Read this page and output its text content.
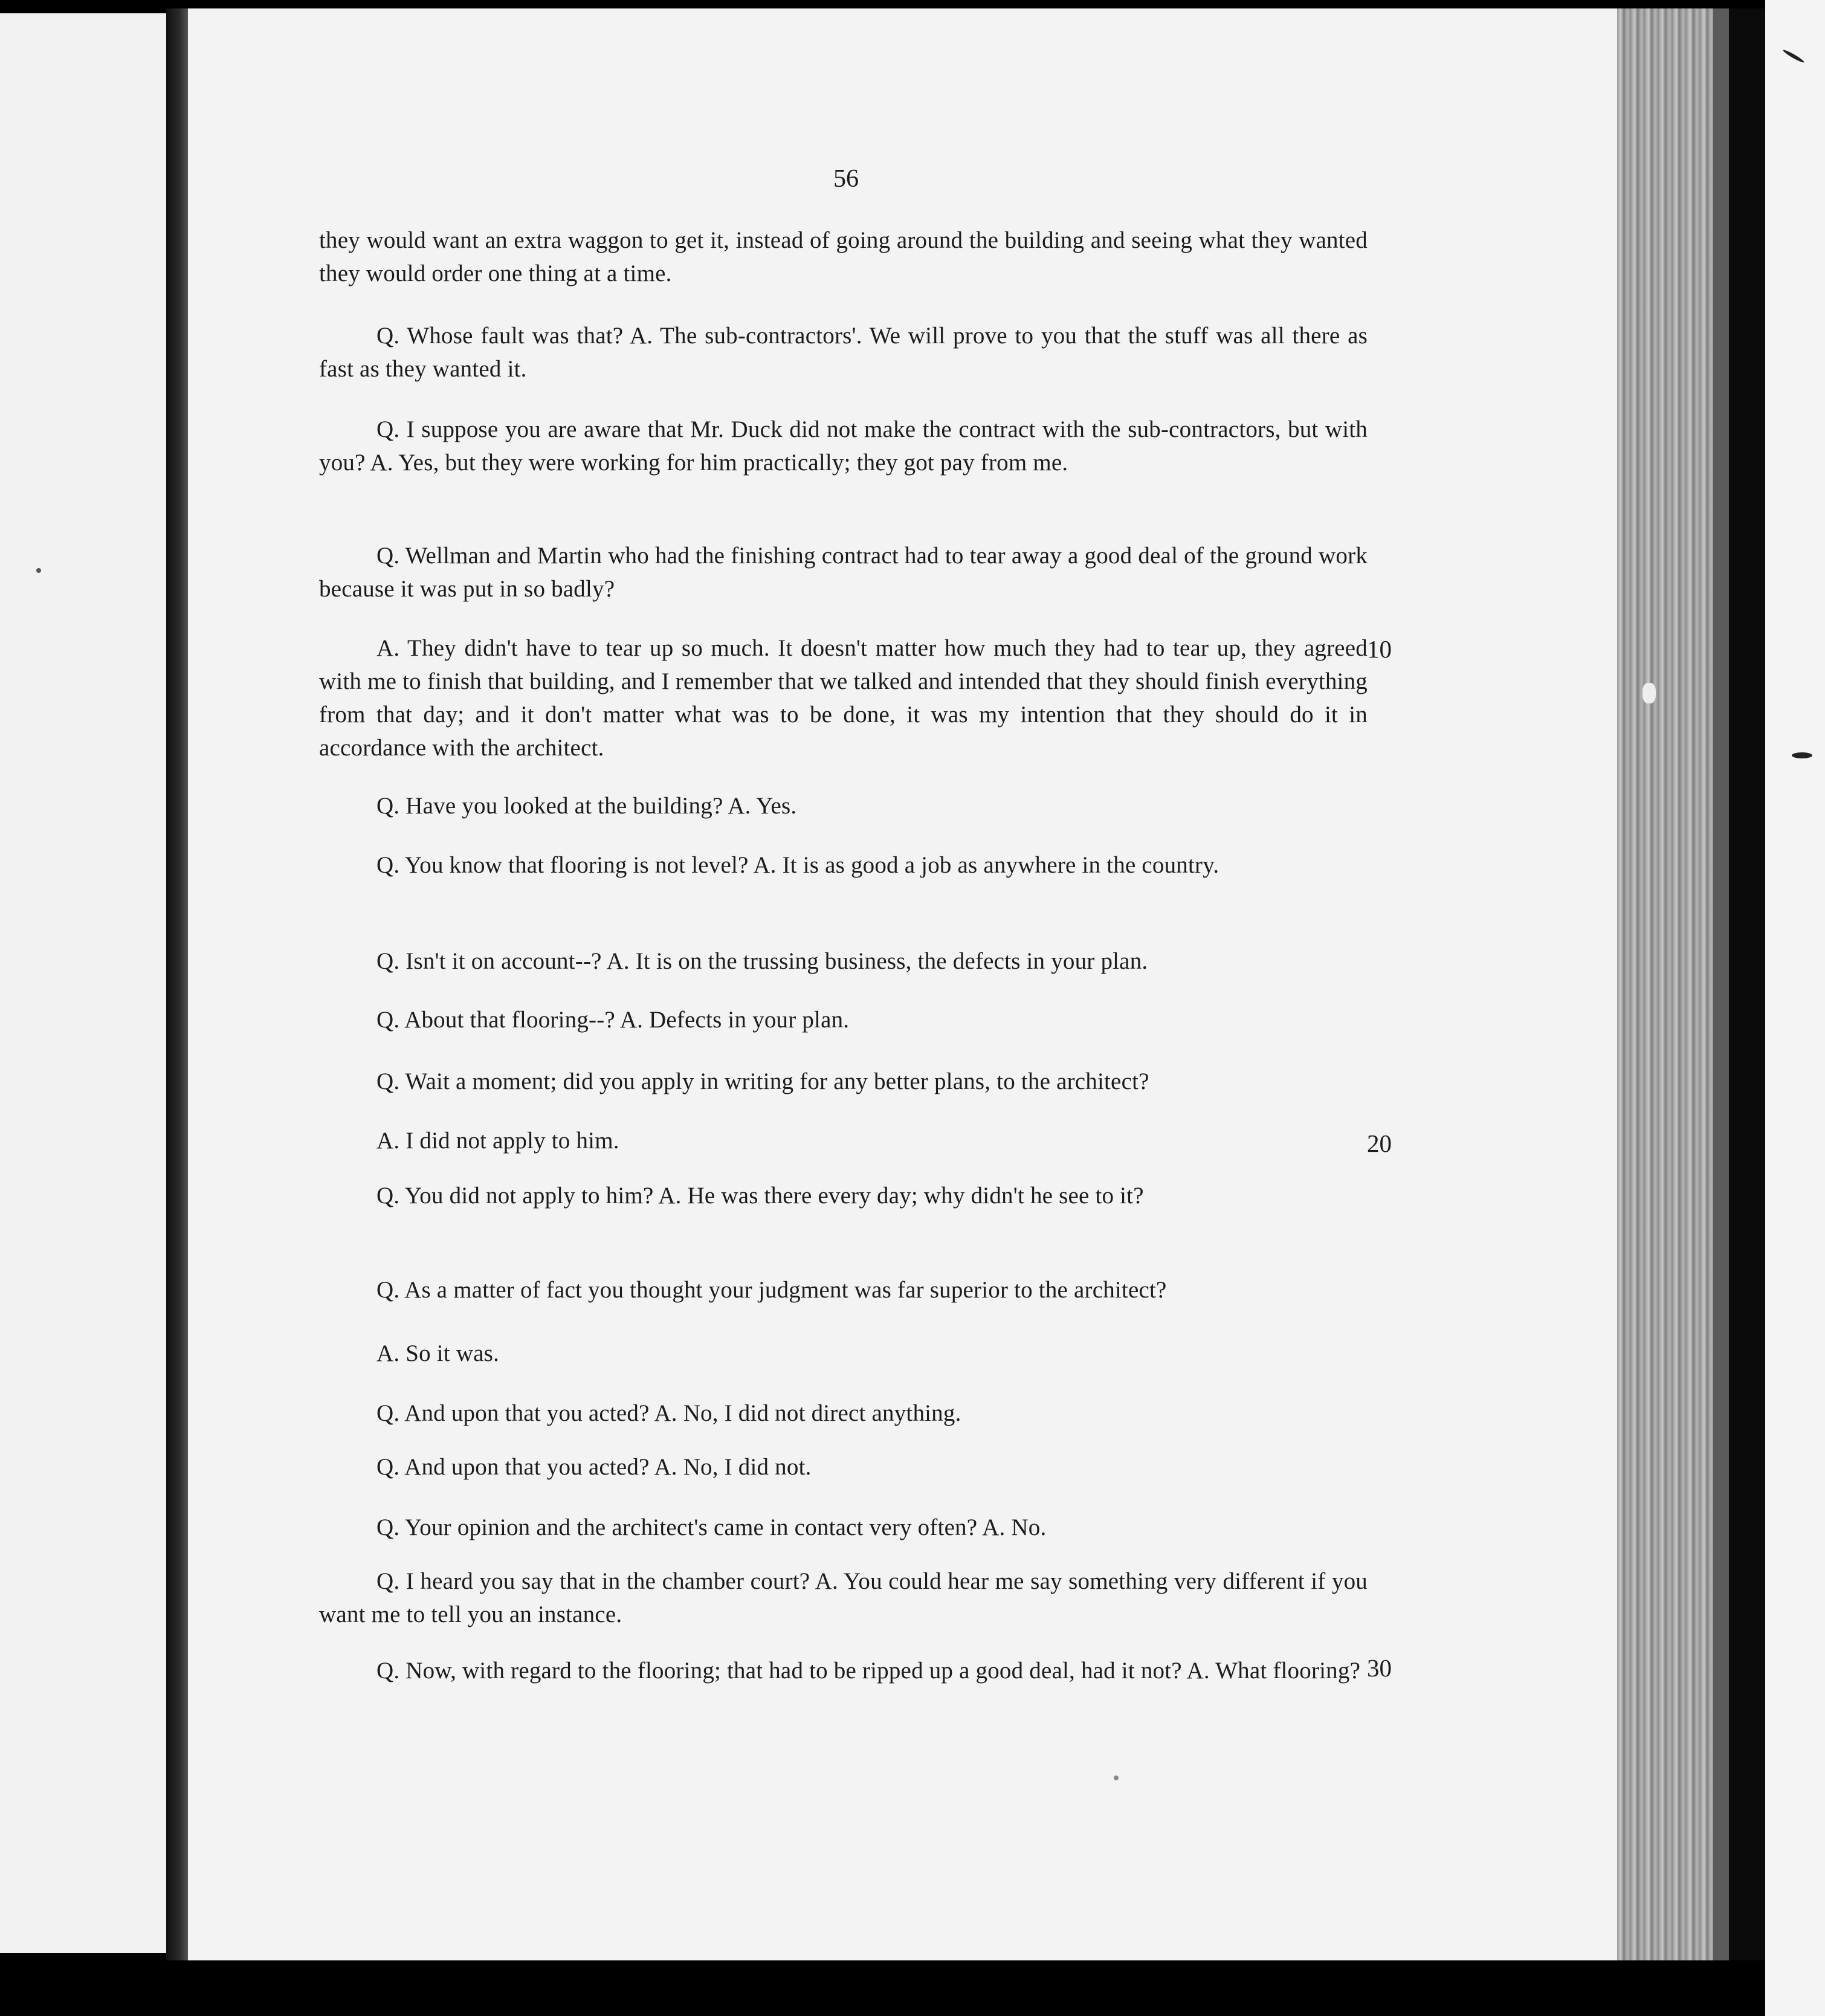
56

they would want an extra waggon to get it, instead of going around the building and seeing what they wanted they would order one thing at a time.

Q. Whose fault was that? A. The sub-contractors'. We will prove to you that the stuff was all there as fast as they wanted it.

Q. I suppose you are aware that Mr. Duck did not make the contract with the sub-contractors, but with you? A. Yes, but they were working for him practically; they got pay from me.

Q. Wellman and Martin who had the finishing contract had to tear away a good deal of the ground work because it was put in so badly?

A. They didn't have to tear up so much. It doesn't matter how much they had to tear up, they agreed with me to finish that building, and I remember that we talked and intended that they should finish everything from that day; and it don't matter what was to be done, it was my intention that they should do it in accordance with the architect.

Q. Have you looked at the building? A. Yes.

Q. You know that flooring is not level? A. It is as good a job as anywhere in the country.

Q. Isn't it on account--? A. It is on the trussing business, the defects in your plan.

Q. About that flooring--? A. Defects in your plan.

Q. Wait a moment; did you apply in writing for any better plans, to the architect?

A. I did not apply to him.

Q. You did not apply to him? A. He was there every day; why didn't he see to it?

Q. As a matter of fact you thought your judgment was far superior to the architect?

A. So it was.

Q. And upon that you acted? A. No, I did not direct anything.

Q. And upon that you acted? A. No, I did not.

Q. Your opinion and the architect's came in contact very often? A. No.

Q. I heard you say that in the chamber court? A. You could hear me say something very different if you want me to tell you an instance.

Q. Now, with regard to the flooring; that had to be ripped up a good deal, had it not? A. What flooring?

10
20
30
